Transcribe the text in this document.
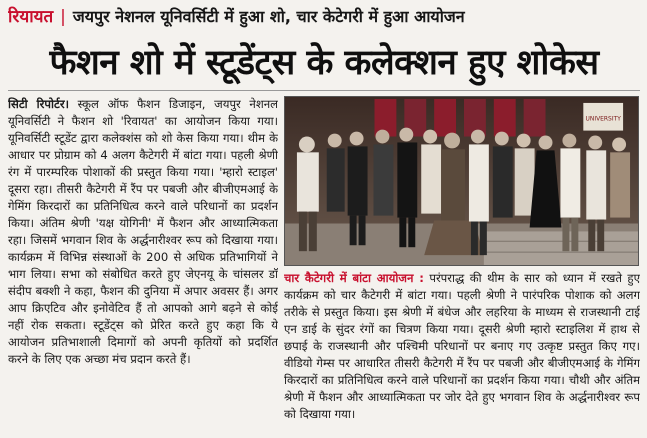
रियायत | जयपुर नेशनल यूनिवर्सिटी में हुआ शो, चार केटेगरी में हुआ आयोजन
फैशन शो में स्टूडेंट्स के कलेक्शन हुए शोकेस
सिटी रिपोर्टर। स्कूल ऑफ फैशन डिजाइन, जयपुर नेशनल यूनिवर्सिटी ने फैशन शो 'रिवायत' का आयोजन किया गया। यूनिवर्सिटी स्टूडेंट द्वारा कलेक्शंस को शो केस किया गया। थीम के आधार पर प्रोग्राम को 4 अलग कैटेगरी में बांटा गया। पहली श्रेणी रंग में पारम्परिक पोशाकों की प्रस्तुत किया गया। 'म्हारो स्टाइल' दूसरा रहा। तीसरी कैटेगरी में रैंप पर पबजी और बीजीएमआई के गेमिंग किरदारों का प्रतिनिधित्व करने वाले परिधानों का प्रदर्शन किया। अंतिम श्रेणी 'यक्ष योगिनी' में फैशन और आध्यात्मिकता रहा। जिसमें भगवान शिव के अर्द्धनारीश्वर रूप को दिखाया गया। कार्यक्रम में विभिन्न संस्थाओं के 200 से अधिक प्रतिभागियों ने भाग लिया। सभा को संबोधित करते हुए जेएनयू के चांसलर डॉ संदीप बक्शी ने कहा, फैशन की दुनिया में अपार अवसर हैं। अगर आप क्रिएटिव और इनोवेटिव हैं तो आपको आगे बढ़ने से कोई नहीं रोक सकता। स्टूडेंट्स को प्रेरित करते हुए कहा कि ये आयोजन प्रतिभाशाली दिमागों को अपनी कृतियों को प्रदर्शित करने के लिए एक अच्छा मंच प्रदान करते हैं।
UNIVERSITY
चार कैटेगरी में बांटा आयोजन : परंपराद्ध की थीम के सार को ध्यान में रखते हुए कार्यक्रम को चार कैटेगरी में बांटा गया। पहली श्रेणी ने पारंपरिक पोशाक को अलग तरीके से प्रस्तुत किया। इस श्रेणी में बंधेज और लहरिया के माध्यम से राजस्थानी टाई एन डाई के सुंदर रंगों का चित्रण किया गया। दूसरी श्रेणी म्हारो स्टाइलिश में हाथ से छपाई के राजस्थानी और पश्चिमी परिधानों पर बनाए गए उत्कृष्ट प्रस्तुत किए गए। वीडियो गेम्स पर आधारित तीसरी कैटेगरी में रैंप पर पबजी और बीजीएमआई के गेमिंग किरदारों का प्रतिनिधित्व करने वाले परिधानों का प्रदर्शन किया गया। चौथी और अंतिम श्रेणी में फैशन और आध्यात्मिकता पर जोर देते हुए भगवान शिव के अर्द्धनारीश्वर रूप को दिखाया गया।
